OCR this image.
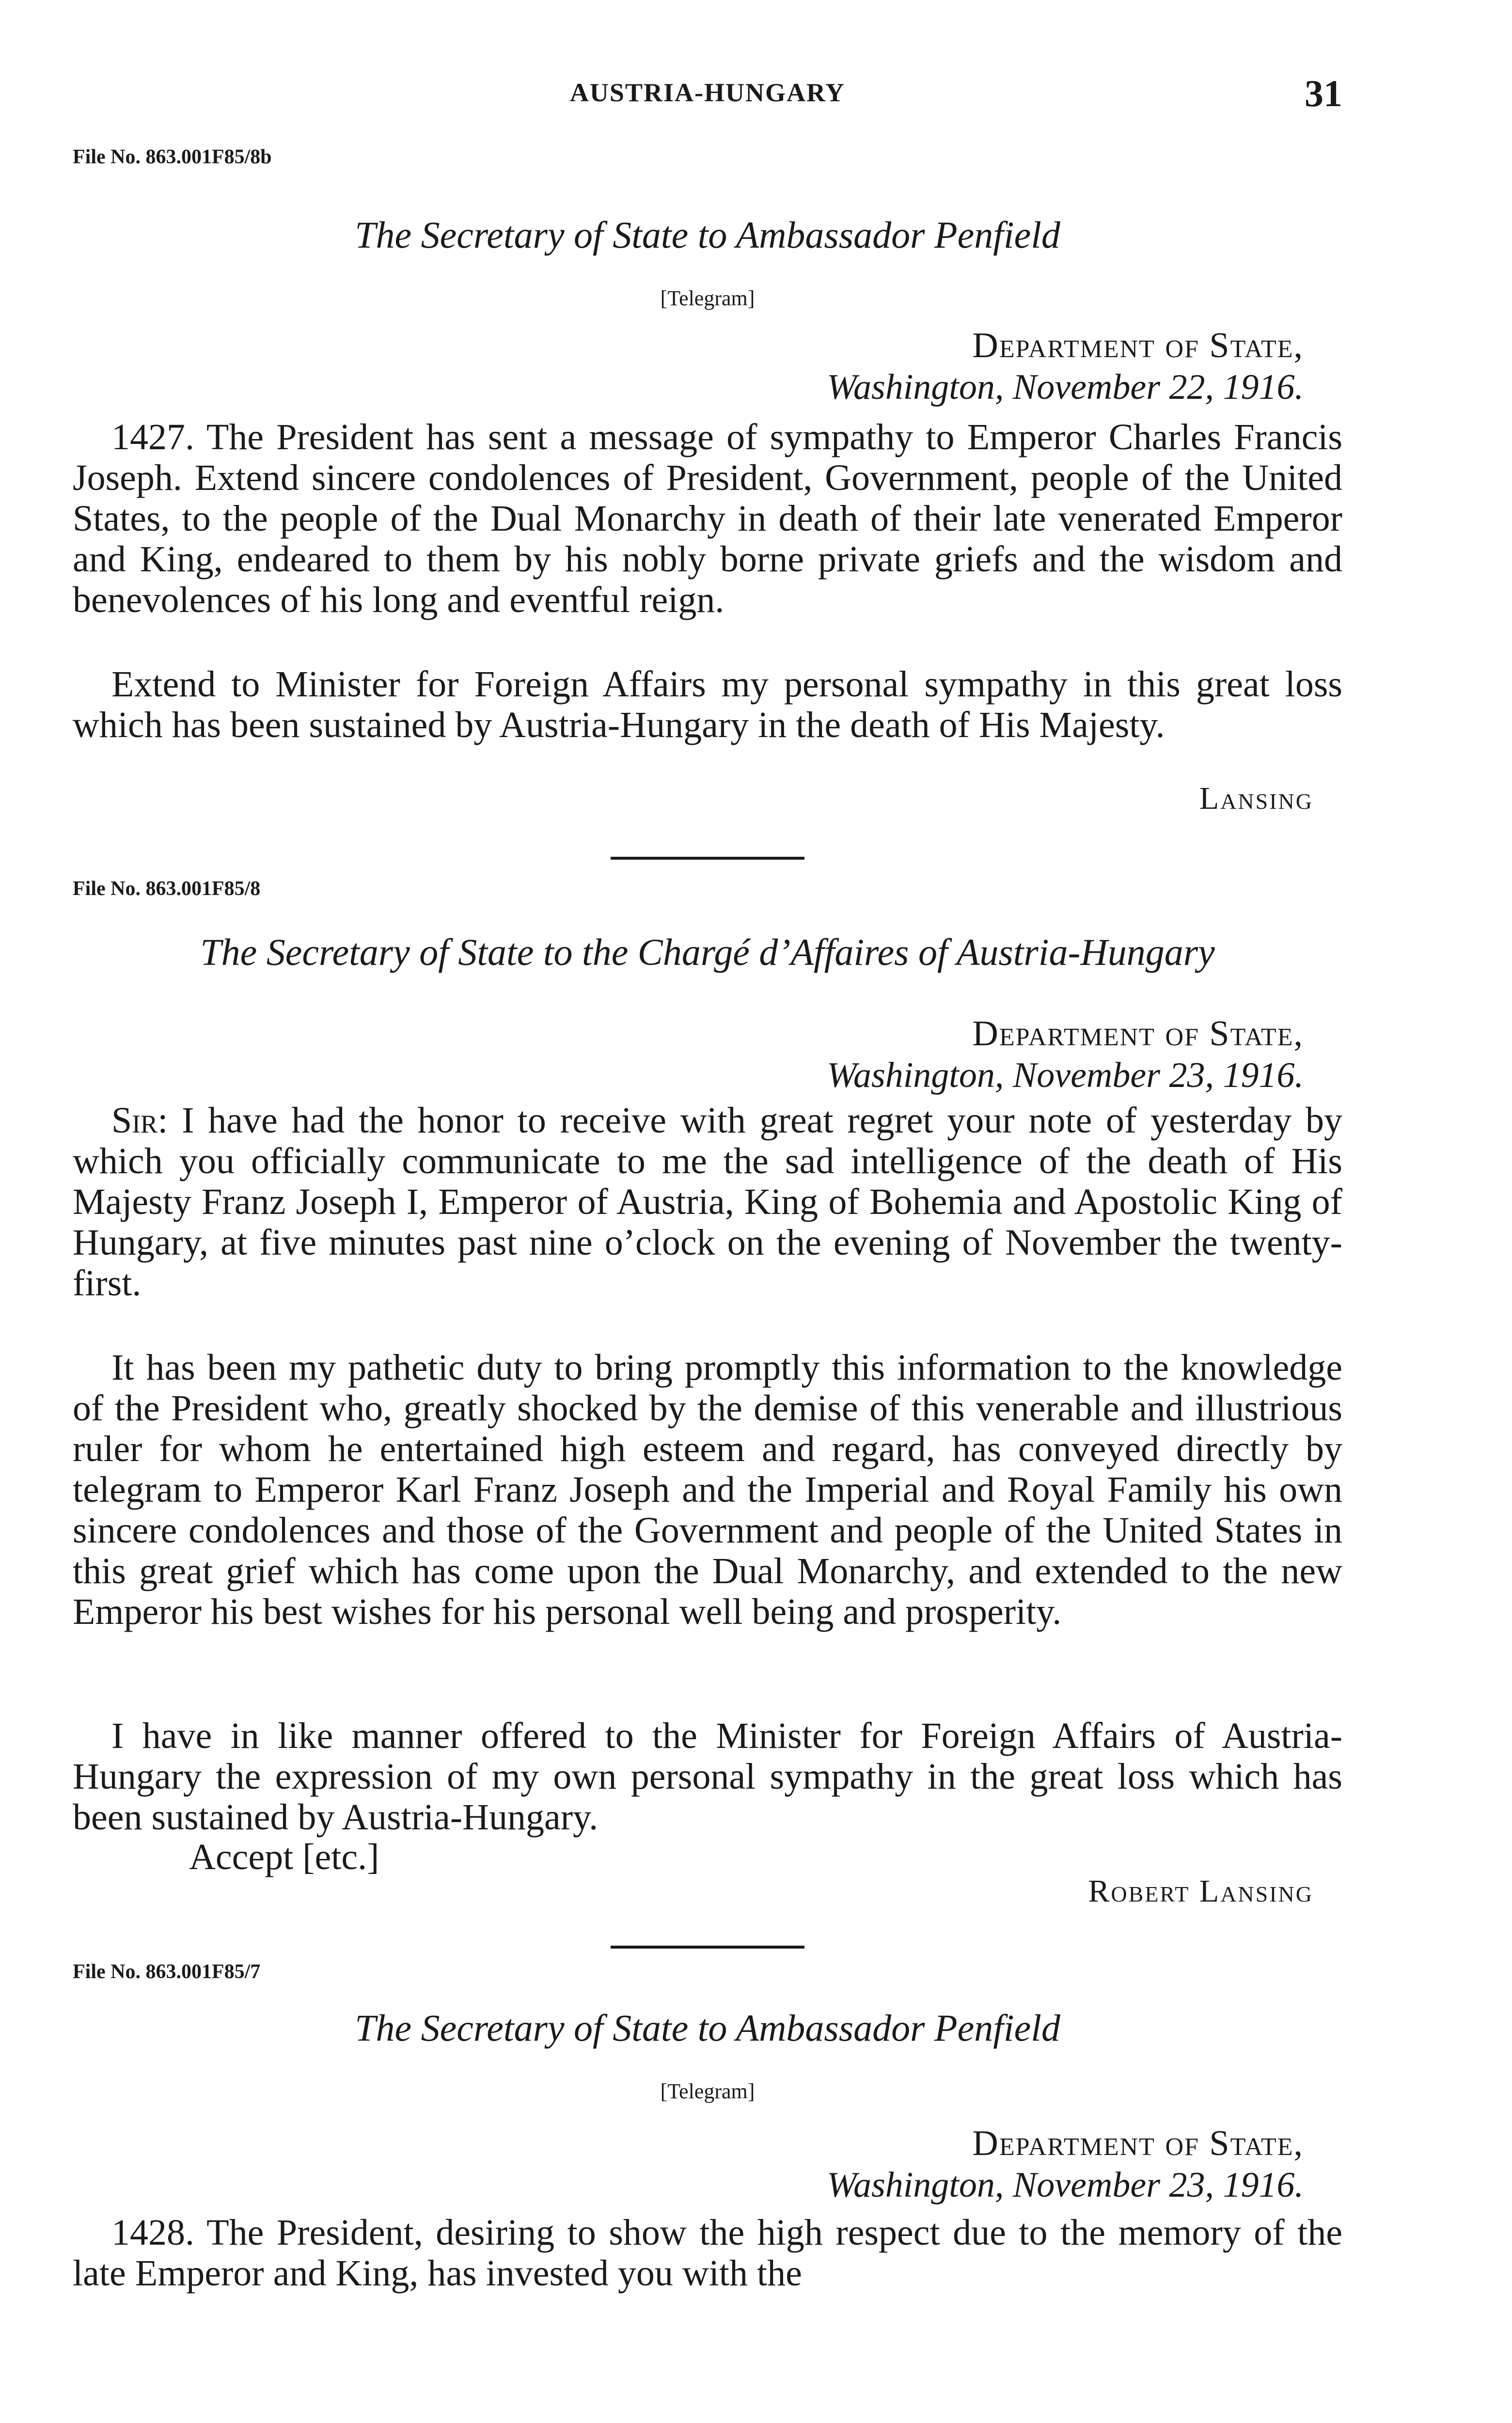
AUSTRIA-HUNGARY	31
File No. 863.001F85/8b
The Secretary of State to Ambassador Penfield
[Telegram]
Department of State,
Washington, November 22, 1916.

1427. The President has sent a message of sympathy to Emperor Charles Francis Joseph. Extend sincere condolences of President, Government, people of the United States, to the people of the Dual Monarchy in death of their late venerated Emperor and King, endeared to them by his nobly borne private griefs and the wisdom and benevolences of his long and eventful reign.

Extend to Minister for Foreign Affairs my personal sympathy in this great loss which has been sustained by Austria-Hungary in the death of His Majesty.

Lansing
File No. 863.001F85/8
The Secretary of State to the Chargé d’Affaires of Austria-Hungary
Department of State,
Washington, November 23, 1916.

Sir: I have had the honor to receive with great regret your note of yesterday by which you officially communicate to me the sad intelligence of the death of His Majesty Franz Joseph I, Emperor of Austria, King of Bohemia and Apostolic King of Hungary, at five minutes past nine o’clock on the evening of November the twenty-first.

It has been my pathetic duty to bring promptly this information to the knowledge of the President who, greatly shocked by the demise of this venerable and illustrious ruler for whom he entertained high esteem and regard, has conveyed directly by telegram to Emperor Karl Franz Joseph and the Imperial and Royal Family his own sincere condolences and those of the Government and people of the United States in this great grief which has come upon the Dual Monarchy, and extended to the new Emperor his best wishes for his personal well being and prosperity.

I have in like manner offered to the Minister for Foreign Affairs of Austria-Hungary the expression of my own personal sympathy in the great loss which has been sustained by Austria-Hungary.

Accept [etc.]

Robert Lansing
File No. 863.001F85/7
The Secretary of State to Ambassador Penfield
[Telegram]
Department of State,
Washington, November 23, 1916.

1428. The President, desiring to show the high respect due to the memory of the late Emperor and King, has invested you with the
